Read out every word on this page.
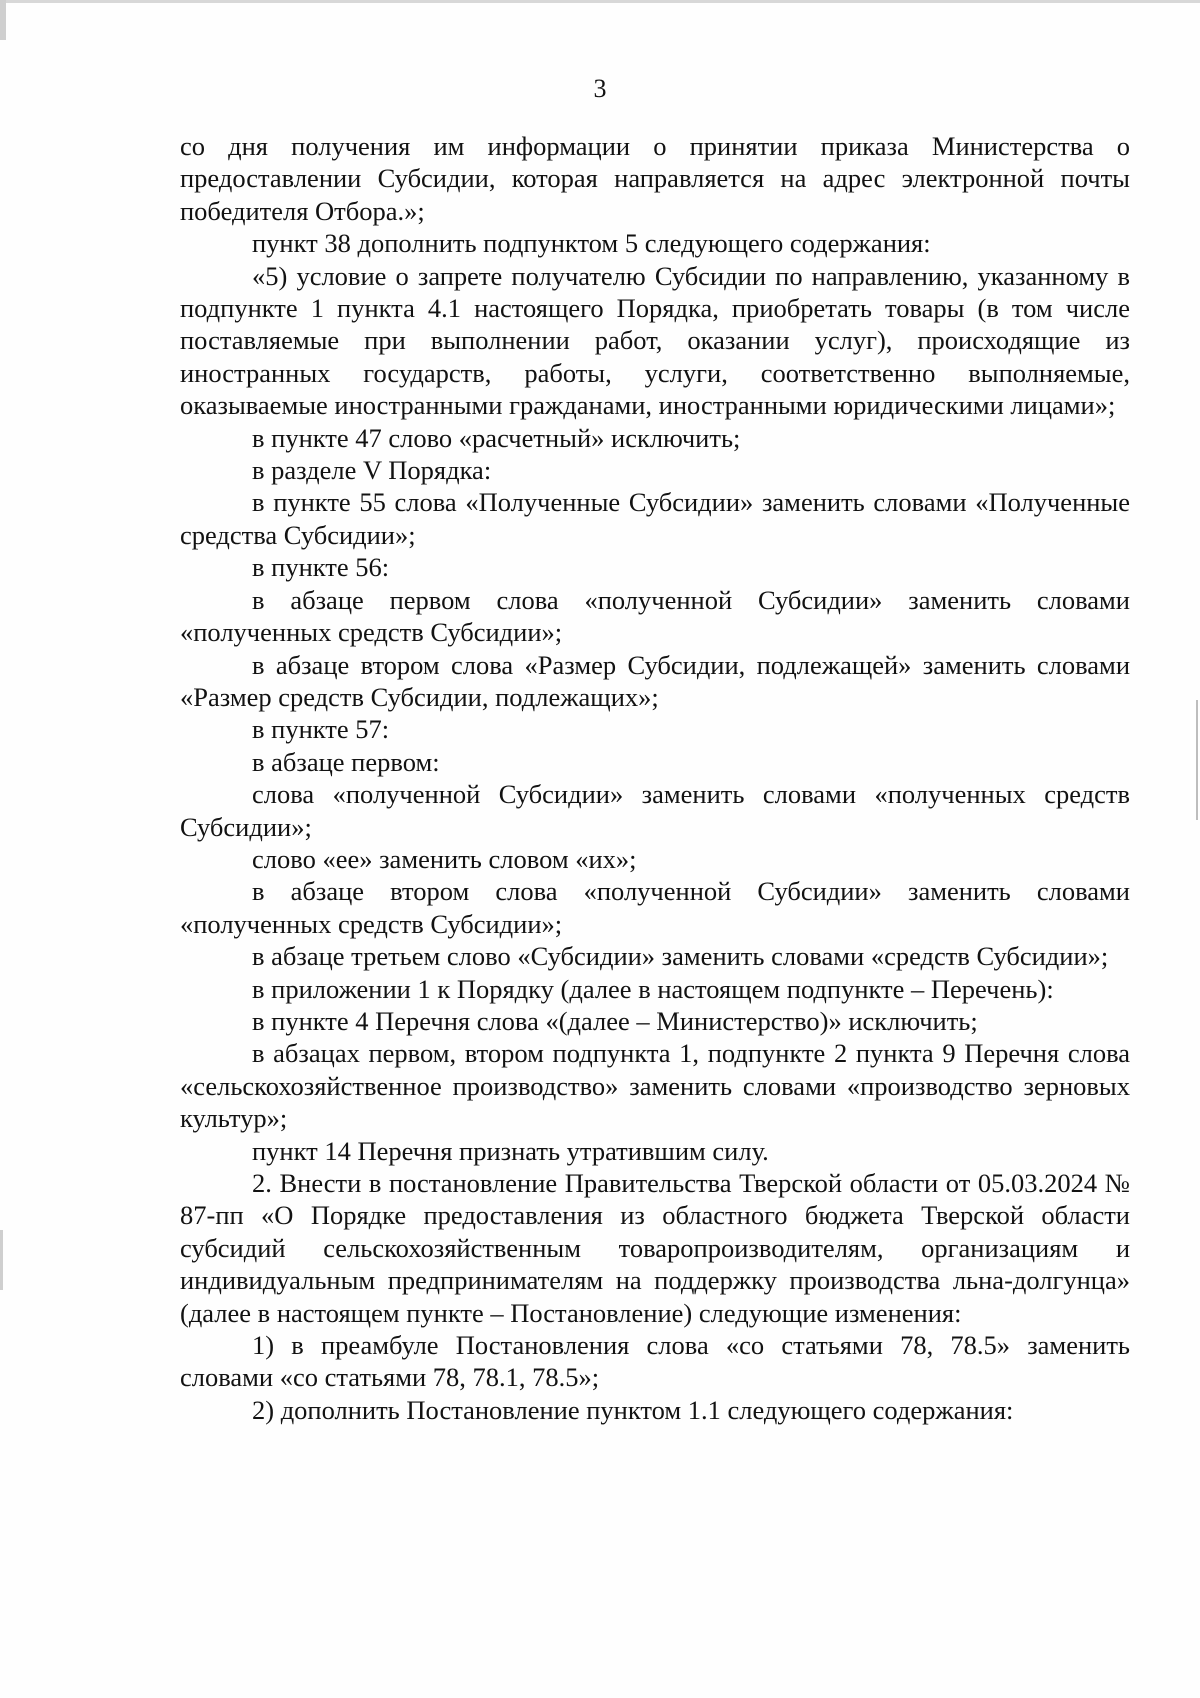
3

со дня получения им информации о принятии приказа Министерства о предоставлении Субсидии, которая направляется на адрес электронной почты победителя Отбора.»;

пункт 38 дополнить подпунктом 5 следующего содержания:

«5) условие о запрете получателю Субсидии по направлению, указанному в подпункте 1 пункта 4.1 настоящего Порядка, приобретать товары (в том числе поставляемые при выполнении работ, оказании услуг), происходящие из иностранных государств, работы, услуги, соответственно выполняемые, оказываемые иностранными гражданами, иностранными юридическими лицами»;

в пункте 47 слово «расчетный» исключить;

в разделе V Порядка:

в пункте 55 слова «Полученные Субсидии» заменить словами «Полученные средства Субсидии»;

в пункте 56:

в абзаце первом слова «полученной Субсидии» заменить словами «полученных средств Субсидии»;

в абзаце втором слова «Размер Субсидии, подлежащей» заменить словами «Размер средств Субсидии, подлежащих»;

в пункте 57:

в абзаце первом:

слова «полученной Субсидии» заменить словами «полученных средств Субсидии»;

слово «ее» заменить словом «их»;

в абзаце втором слова «полученной Субсидии» заменить словами «полученных средств Субсидии»;

в абзаце третьем слово «Субсидии» заменить словами «средств Субсидии»;

в приложении 1 к Порядку (далее в настоящем подпункте – Перечень):

в пункте 4 Перечня слова «(далее – Министерство)» исключить;

в абзацах первом, втором подпункта 1, подпункте 2 пункта 9 Перечня слова «сельскохозяйственное производство» заменить словами «производство зерновых культур»;

пункт 14 Перечня признать утратившим силу.

2. Внести в постановление Правительства Тверской области от 05.03.2024 № 87-пп «О Порядке предоставления из областного бюджета Тверской области субсидий сельскохозяйственным товаропроизводителям, организациям и индивидуальным предпринимателям на поддержку производства льна-долгунца» (далее в настоящем пункте – Постановление) следующие изменения:

1) в преамбуле Постановления слова «со статьями 78, 78.5» заменить словами «со статьями 78, 78.1, 78.5»;

2) дополнить Постановление пунктом 1.1 следующего содержания:
